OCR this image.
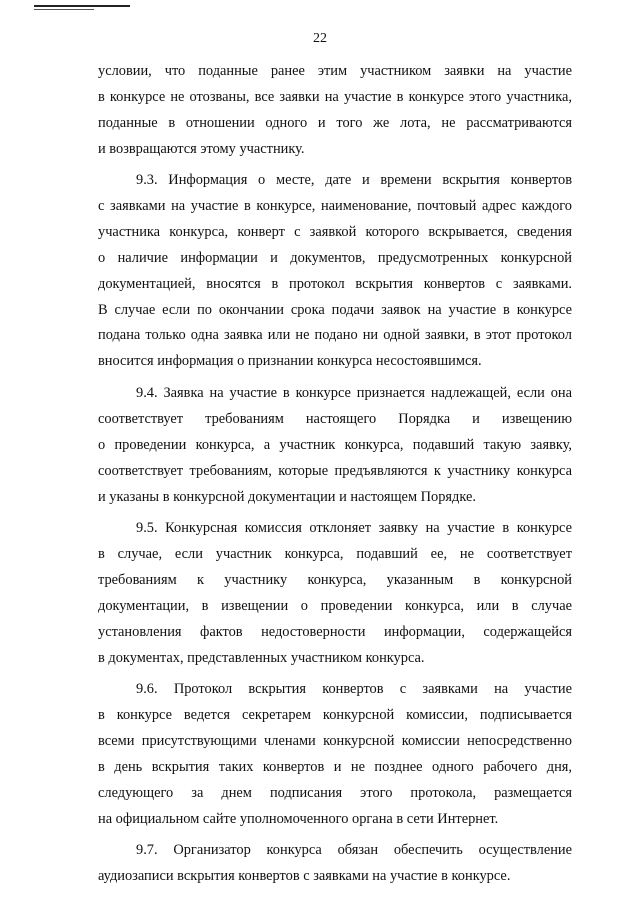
22
условии, что поданные ранее этим участником заявки на участие
в конкурсе не отозваны, все заявки на участие в конкурсе этого участника,
поданные в отношении одного и того же лота, не рассматриваются
и возвращаются этому участнику.
9.3. Информация о месте, дате и времени вскрытия конвертов
с заявками на участие в конкурсе, наименование, почтовый адрес каждого
участника конкурса, конверт с заявкой которого вскрывается, сведения
о наличие информации и документов, предусмотренных конкурсной
документацией, вносятся в протокол вскрытия конвертов с заявками.
В случае если по окончании срока подачи заявок на участие в конкурсе
подана только одна заявка или не подано ни одной заявки, в этот протокол
вносится информация о признании конкурса несостоявшимся.
9.4. Заявка на участие в конкурсе признается надлежащей, если она
соответствует требованиям настоящего Порядка и извещению
о проведении конкурса, а участник конкурса, подавший такую заявку,
соответствует требованиям, которые предъявляются к участнику конкурса
и указаны в конкурсной документации и настоящем Порядке.
9.5. Конкурсная комиссия отклоняет заявку на участие в конкурсе
в случае, если участник конкурса, подавший ее, не соответствует
требованиям к участнику конкурса, указанным в конкурсной
документации, в извещении о проведении конкурса, или в случае
установления фактов недостоверности информации, содержащейся
в документах, представленных участником конкурса.
9.6. Протокол вскрытия конвертов с заявками на участие
в конкурсе ведется секретарем конкурсной комиссии, подписывается
всеми присутствующими членами конкурсной комиссии непосредственно
в день вскрытия таких конвертов и не позднее одного рабочего дня,
следующего за днем подписания этого протокола, размещается
на официальном сайте уполномоченного органа в сети Интернет.
9.7. Организатор конкурса обязан обеспечить осуществление
аудиозаписи вскрытия конвертов с заявками на участие в конкурсе.
